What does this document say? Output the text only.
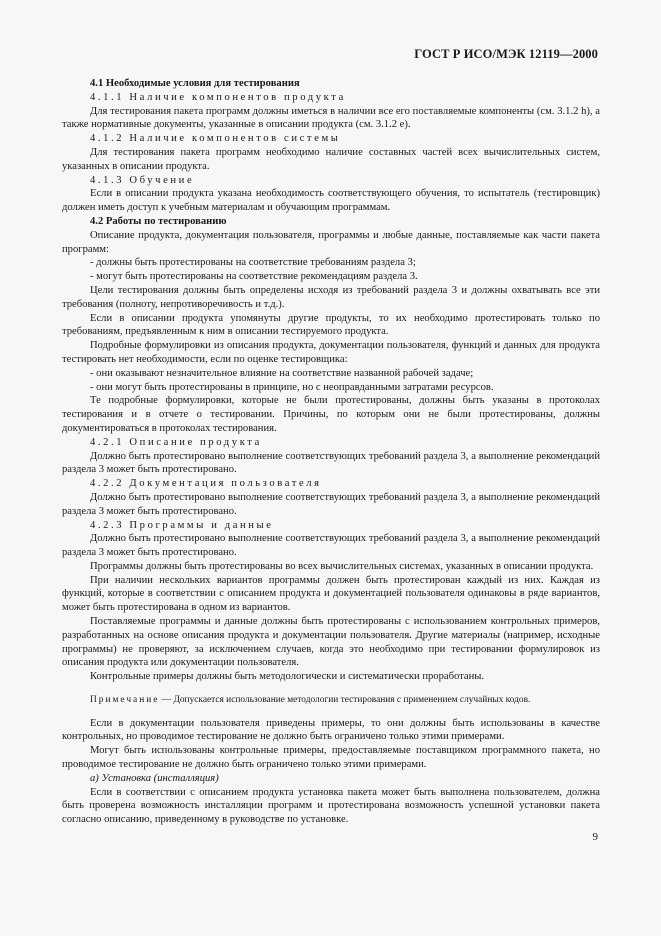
ГОСТ Р ИСО/МЭК 12119—2000

4.1 Необходимые условия для тестирования

4.1.1 Наличие компонентов продукта

Для тестирования пакета программ должны иметься в наличии все его поставляемые компоненты (см. 3.1.2 h), а также нормативные документы, указанные в описании продукта (см. 3.1.2 e).

4.1.2 Наличие компонентов системы

Для тестирования пакета программ необходимо наличие составных частей всех вычислительных систем, указанных в описании продукта.

4.1.3 Обучение

Если в описании продукта указана необходимость соответствующего обучения, то испытатель (тестировщик) должен иметь доступ к учебным материалам и обучающим программам.

4.2 Работы по тестированию

Описание продукта, документация пользователя, программы и любые данные, поставляемые как части пакета программ:

- должны быть протестированы на соответствие требованиям раздела 3;

- могут быть протестированы на соответствие рекомендациям раздела 3.

Цели тестирования должны быть определены исходя из требований раздела 3 и должны охватывать все эти требования (полноту, непротиворечивость и т.д.).

Если в описании продукта упомянуты другие продукты, то их необходимо протестировать только по требованиям, предъявленным к ним в описании тестируемого продукта.

Подробные формулировки из описания продукта, документации пользователя, функций и данных для продукта тестировать нет необходимости, если по оценке тестировщика:

- они оказывают незначительное влияние на соответствие названной рабочей задаче;

- они могут быть протестированы в принципе, но с неоправданными затратами ресурсов.

Те подробные формулировки, которые не были протестированы, должны быть указаны в протоколах тестирования и в отчете о тестировании. Причины, по которым они не были протестированы, должны документироваться в протоколах тестирования.

4.2.1 Описание продукта

Должно быть протестировано выполнение соответствующих требований раздела 3, а выполнение рекомендаций раздела 3 может быть протестировано.

4.2.2 Документация пользователя

Должно быть протестировано выполнение соответствующих требований раздела 3, а выполнение рекомендаций раздела 3 может быть протестировано.

4.2.3 Программы и данные

Должно быть протестировано выполнение соответствующих требований раздела 3, а выполнение рекомендаций раздела 3 может быть протестировано.

Программы должны быть протестированы во всех вычислительных системах, указанных в описании продукта.

При наличии нескольких вариантов программы должен быть протестирован каждый из них. Каждая из функций, которые в соответствии с описанием продукта и документацией пользователя одинаковы в ряде вариантов, может быть протестирована в одном из вариантов.

Поставляемые программы и данные должны быть протестированы с использованием контрольных примеров, разработанных на основе описания продукта и документации пользователя. Другие материалы (например, исходные программы) не проверяют, за исключением случаев, когда это необходимо при тестировании формулировок из описания продукта или документации пользователя.

Контрольные примеры должны быть методологически и систематически проработаны.

Примечание — Допускается использование методологии тестирования с применением случайных кодов.

Если в документации пользователя приведены примеры, то они должны быть использованы в качестве контрольных, но проводимое тестирование не должно быть ограничено только этими примерами.

Могут быть использованы контрольные примеры, предоставляемые поставщиком программного пакета, но проводимое тестирование не должно быть ограничено только этими примерами.

а) Установка (инсталляция)

Если в соответствии с описанием продукта установка пакета может быть выполнена пользователем, должна быть проверена возможность инсталляции программ и протестирована возможность успешной установки пакета согласно описанию, приведенному в руководстве по установке.

9
